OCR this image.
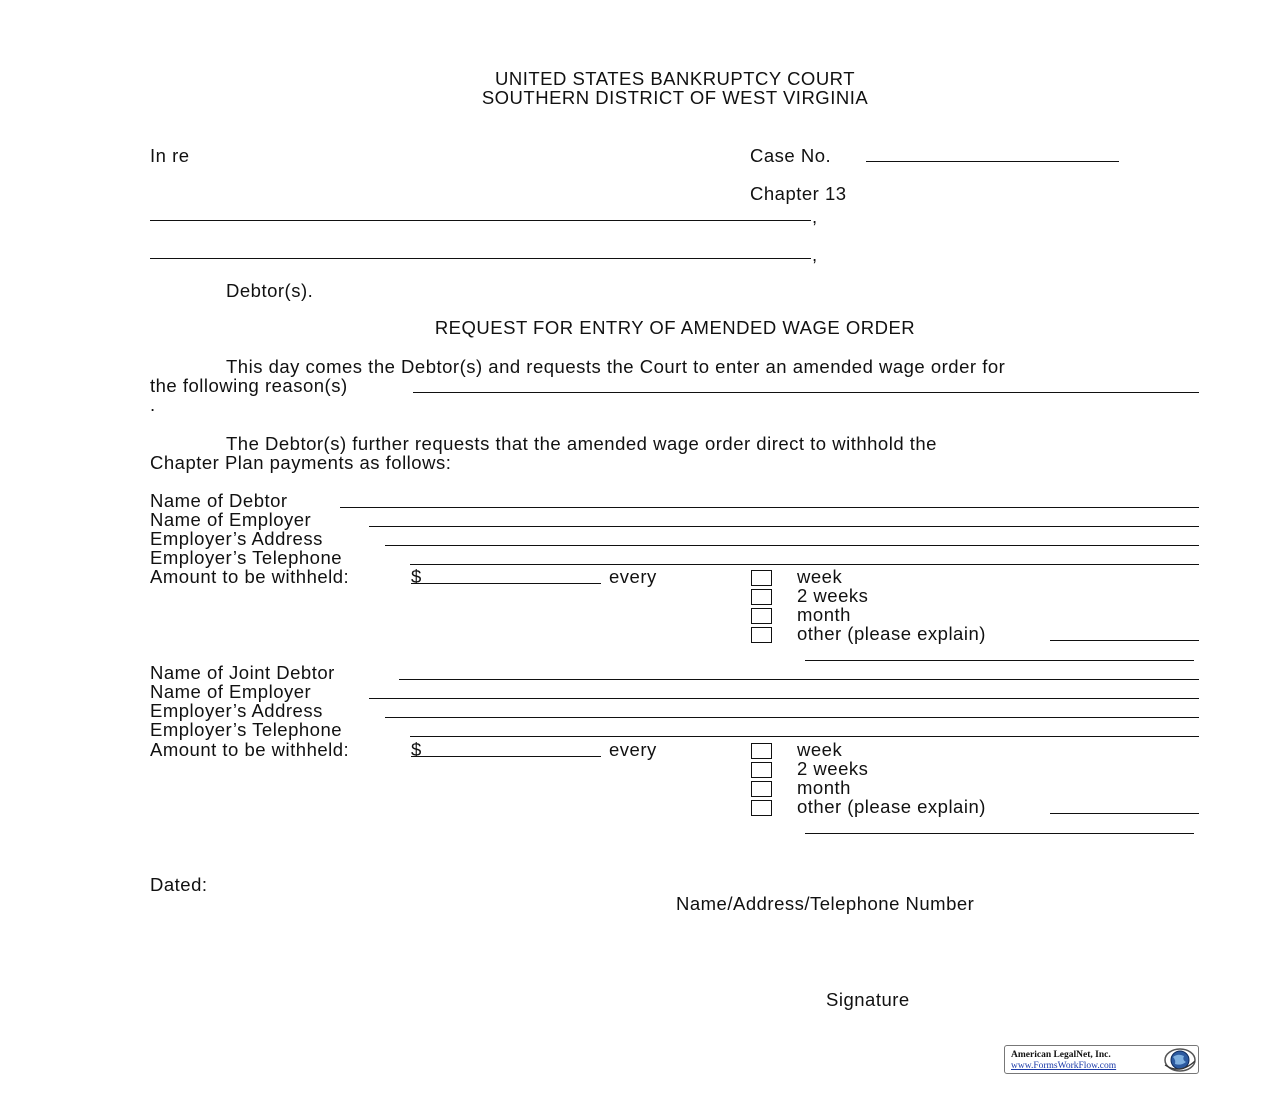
UNITED STATES BANKRUPTCY COURT
SOUTHERN DISTRICT OF WEST VIRGINIA
In re	Case No.
Chapter 13
,
,
Debtor(s).
REQUEST FOR ENTRY OF AMENDED WAGE ORDER
This day comes the Debtor(s) and requests the Court to enter an amended wage order for
the following reason(s)
.
The Debtor(s) further requests that the amended wage order direct to withhold the
Chapter Plan payments as follows:
Name of Debtor
Name of Employer
Employer’s Address
Employer’s Telephone
Amount to be withheld:	$	every	week
2 weeks
month
other (please explain)
Name of Joint Debtor
Name of Employer
Employer’s Address
Employer’s Telephone
Amount to be withheld:	$	every	week
2 weeks
month
other (please explain)
Dated:
Name/Address/Telephone Number
Signature
American LegalNet, Inc.
www.FormsWorkFlow.com
